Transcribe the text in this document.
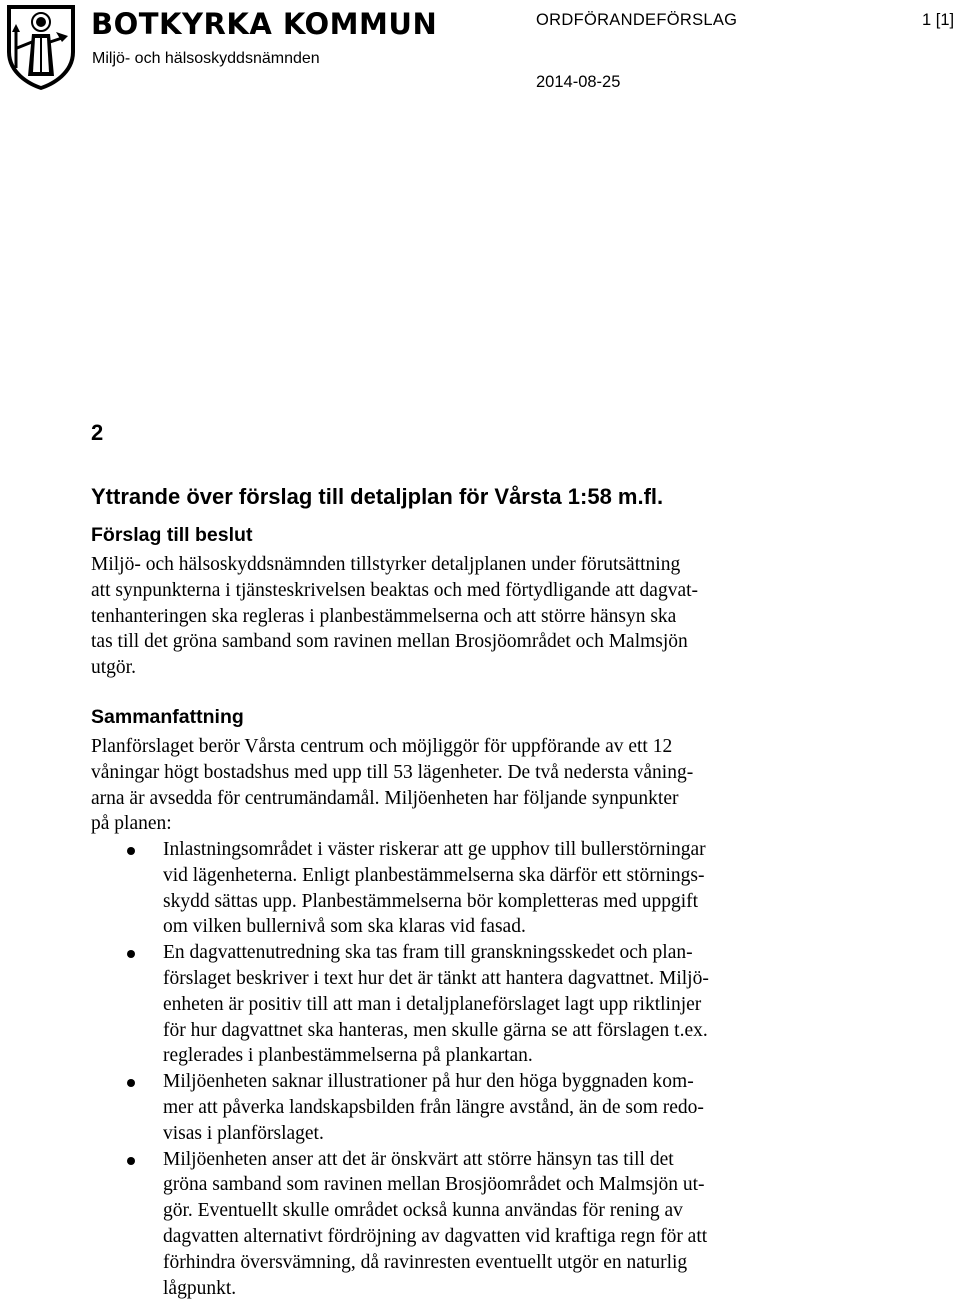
BOTKYRKA KOMMUN
Miljö- och hälsoskyddsnämnden
ORDFÖRANDEFÖRSLAG	1 [1]
2014-08-25
2
Yttrande över förslag till detaljplan för Vårsta 1:58 m.fl.
Förslag till beslut
Miljö- och hälsoskyddsnämnden tillstyrker detaljplanen under förutsättning
att synpunkterna i tjänsteskrivelsen beaktas och med förtydligande att dagvat-
tenhanteringen ska regleras i planbestämmelserna och att större hänsyn ska
tas till det gröna samband som ravinen mellan Brosjöområdet och Malmsjön
utgör.
Sammanfattning
Planförslaget berör Vårsta centrum och möjliggör för uppförande av ett 12
våningar högt bostadshus med upp till 53 lägenheter. De två nedersta våning-
arna är avsedda för centrumändamål. Miljöenheten har följande synpunkter
på planen:
Inlastningsområdet i väster riskerar att ge upphov till bullerstörningar
vid lägenheterna. Enligt planbestämmelserna ska därför ett störnings-
skydd sättas upp. Planbestämmelserna bör kompletteras med uppgift
om vilken bullernivå som ska klaras vid fasad.
En dagvattenutredning ska tas fram till granskningsskedet och plan-
förslaget beskriver i text hur det är tänkt att hantera dagvattnet. Miljö-
enheten är positiv till att man i detaljplaneförslaget lagt upp riktlinjer
för hur dagvattnet ska hanteras, men skulle gärna se att förslagen t.ex.
reglerades i planbestämmelserna på plankartan.
Miljöenheten saknar illustrationer på hur den höga byggnaden kom-
mer att påverka landskapsbilden från längre avstånd, än de som redo-
visas i planförslaget.
Miljöenheten anser att det är önskvärt att större hänsyn tas till det
gröna samband som ravinen mellan Brosjöområdet och Malmsjön ut-
gör. Eventuellt skulle området också kunna användas för rening av
dagvatten alternativt fördröjning av dagvatten vid kraftiga regn för att
förhindra översvämning, då ravinresten eventuellt utgör en naturlig
lågpunkt.
